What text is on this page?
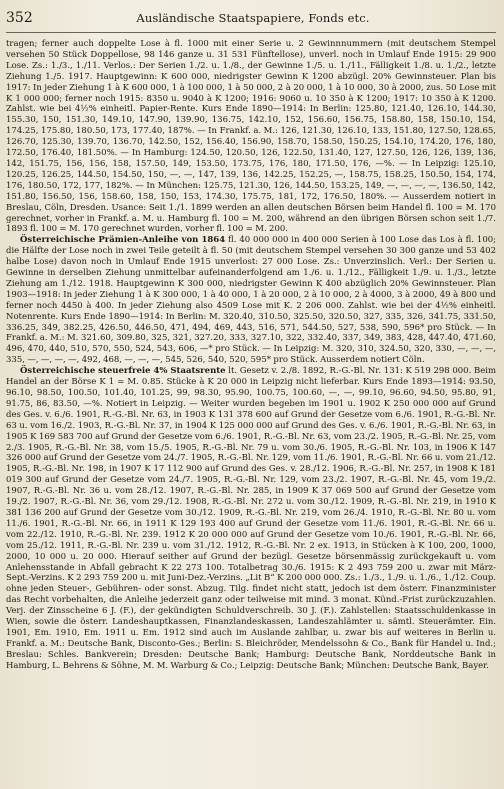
352	Ausländische Staatspapiere, Fonds etc.

tragen; ferner auch doppelte Lose à fl. 1000 mit einer Serie u. 2 Gewinnnummern (mit deutschem Stempel versehen 50 Stück Doppellose, 98 146 ganze u. 31 531 Fünftellose), unverl. noch in Umlauf Ende 1915: 29 900 Lose. Zs.: 1./3., 1./11. Verlos.: Der Serien 1./2. u. 1./8., der Gewinne 1./5. u. 1./11., Fälligkeit 1./8. u. 1./2., letzte Ziehung 1./5. 1917. Hauptgewinn: K 600 000, niedrigster Gewinn K 1200 abzügl. 20% Gewinnsteuer. Plan bis 1917: In jeder Ziehung 1 à K 600 000, 1 à 100 000, 1 à 50 000, 2 à 20 000, 1 à 10 000, 30 à 2000, zus. 50 Lose mit K 1 000 000; ferner noch 1915: 8350 u. 9040 à K 1200; 1916: 9060 u. 10 350 à K 1200; 1917: 10 350 à K 1200. Zahlst. wie bei 4½% einheitl. Papier-Rente. Kurs Ende 1890—1914: In Berlin: 125.80, 121.40, 126.10, 144.30, 155.30, 150, 151.30, 149.10, 147.90, 139.90, 136.75, 142.10, 152, 156.60, 156.75, 158.80, 158, 150.10, 154, 174.25, 175.80, 180.50, 173, 177.40, 187%. — In Frankf. a. M.: 126, 121.30, 126.10, 133, 151.80, 127.50, 128.65, 126.70, 125.30, 139.70, 136.70, 142.50, 152, 156.40, 156.90, 158.70, 158.50, 150.25, 154.10, 174.20, 176, 180, 172.50, 176.40, 181.50%. — In Hamburg: 124.50, 120.50, 126, 122.50, 131.40, 127, 127.50, 126, 126, 139, 136, 142, 151.75, 156, 156, 158, 157.50, 149, 153.50, 173.75, 176, 180, 171.50, 176, —%. — In Leipzig: 125.10, 120.25, 126.25, 144.50, 154.50, 150, —, —, 147, 139, 136, 142.25, 152.25, —, 158.75, 158.25, 150.50, 154, 174, 176, 180.50, 172, 177, 182%. — In München: 125.75, 121.30, 126, 144.50, 153.25, 149, —, —, —, —, 136.50, 142, 151.80, 156.50, 156, 158.60, 158, 150, 153, 174.30, 175.75, 181, 172, 176.50, 180%. — Ausserdem notiert in Breslau, Cöln, Dresden. Usance: Seit 1./1. 1899 werden an allen deutschen Börsen beim Handel fl. 100 = M. 170 gerechnet, vorher in Frankf. a. M. u. Hamburg fl. 100 = M. 200, während an den übrigen Börsen schon seit 1./7. 1893 fl. 100 = M. 170 gerechnet wurden, vorher fl. 100 = M. 200.

Österreichische Prämien-Anleihe von 1864 fl. 40 000 000 in 400 000 Serien à 100 Lose das Los à fl. 100; die Hälfte der Lose noch in zwei Teile geteilt à fl. 50 (mit deutschem Stempel versehen 30 300 ganze und 53 402 halbe Lose) davon noch in Umlauf Ende 1915 unverlost: 27 000 Lose. Zs.: Unverzinslich. Verl.: Der Serien u. Gewinne in derselben Ziehung unmittelbar aufeinanderfolgend am 1./6. u. 1./12., Fälligkeit 1./9. u. 1./3., letzte Ziehung am 1./12. 1918. Hauptgewinn K 300 000, niedrigster Gewinn K 400 abzüglich 20% Gewinnsteuer. Plan 1903—1918: In jeder Ziehung 1 à K 300 000, 1 à 40 000, 1 à 20 000, 2 à 10 000, 2 à 4000, 3 à 2000, 49 à 800 und ferner noch 4450 à 400. In jeder Ziehung also 4509 Lose mit K. 2 206 000. Zahlst. wie bei der 4½% einheitl. Notenrente. Kurs Ende 1890—1914: In Berlin: M. 320.40, 310.50, 325.50, 320.50, 327, 335, 326, 341.75, 331.50, 336.25, 349, 382.25, 426.50, 446.50, 471, 494, 469, 443, 516, 571, 544.50, 527, 538, 590, 596* pro Stück. — In Frankf. a. M.: M. 321.60, 309.80, 325, 321, 327.20, 333, 327.10, 322, 332.40, 337, 349, 383, 428, 447.40, 471.60, 496, 470, 440, 510, 570, 550, 524, 543, 606, —* pro Stück. — In Leipzig: M. 320, 310, 324.50, 320, 330, —, —, —, 335, —, —, —, —, 492, 468, —, —, —, 545, 526, 540, 520, 595* pro Stück. Ausserdem notiert Cöln.

Österreichische steuerfreie 4% Staatsrente lt. Gesetz v. 2./8. 1892, R.-G.-Bl. Nr. 131: K 519 298 000. Beim Handel an der Börse K 1 = M. 0.85. Stücke à K 20 000 in Leipzig nicht lieferbar. Kurs Ende 1893—1914: 93.50, 96.10, 98.50, 100.50, 101.40, 101.25, 99, 98.30, 95.90, 100.75, 100.60, —, —, 99.10, 96.60, 94.50, 95.80, 91, 91.75, 86, 83.50, —%. Notiert in Leipzig. — Weiter wurden begeben im 1901 u. 1902 K 250 000 000 auf Grund des Ges. v. 6./6. 1901, R.-G.-Bl. Nr. 63, in 1903 K 131 378 600 auf Grund der Gesetze vom 6./6. 1901, R.-G.-Bl. Nr. 63 u. vom 16./2. 1903, R.-G.-Bl. Nr. 37, in 1904 K 125 000 000 auf Grund des Ges. v. 6./6. 1901, R.-G.-Bl. Nr. 63, in 1905 K 169 583 700 auf Grund der Gesetze vom 6./6. 1901, R.-G.-Bl. Nr. 63, vom 23./2. 1905, R.-G.-Bl. Nr. 25, vom 2./3. 1905, R.-G.-Bl. Nr. 38, vom 15./5. 1905, R.-G.-Bl. Nr. 79 u. vom 30./6. 1905, R.-G.-Bl. Nr. 103, in 1906 K 147 326 000 auf Grund der Gesetze vom 24./7. 1905, R.-G.-Bl. Nr. 129, vom 11./6. 1901, R.-G.-Bl. Nr. 66 u. vom 21./12. 1905, R.-G.-Bl. Nr. 198, in 1907 K 17 112 900 auf Grund des Ges. v. 28./12. 1906, R.-G.-Bl. Nr. 257, in 1908 K 181 019 300 auf Grund der Gesetze vom 24./7. 1905, R.-G.-Bl. Nr. 129, vom 23./2. 1907, R.-G.-Bl. Nr. 45, vom 19./2. 1907, R.-G.-Bl. Nr. 36 u. vom 28./12. 1907, R.-G.-Bl. Nr. 285, in 1909 K 37 069 500 auf Grund der Gesetze vom 19./2. 1907, R.-G.-Bl. Nr. 36, vom 29./12. 1908, R.-G.-Bl. Nr. 272 u. vom 30./12. 1909, R.-G.-Bl. Nr. 219, in 1910 K 381 136 200 auf Grund der Gesetze vom 30./12. 1909, R.-G.-Bl. Nr. 219, vom 26./4. 1910, R.-G.-Bl. Nr. 80 u. vom 11./6. 1901, R.-G.-Bl. Nr. 66, in 1911 K 129 193 400 auf Grund der Gesetze vom 11./6. 1901, R.-G.-Bl. Nr. 66 u. vom 22./12. 1910, R.-G.-Bl. Nr. 239. 1912 K 20 000 000 auf Grund der Gesetze vom 10./6. 1901, R.-G.-Bl. Nr. 66, vom 25./12. 1911, R.-G.-Bl. Nr. 239 u. vom 31./12. 1912, R.-G.-Bl. Nr. 2 ex. 1913, in Stücken à K 100, 200, 1000, 2000, 10 000 u. 20 000. Hierauf seither auf Grund der bezügl. Gesetze börsenmässig zurückgekauft u. vom Anlehensstande in Abfall gebracht K 22 273 100. Totalbetrag 30./6. 1915: K 2 493 759 200 u. zwar mit März-Sept.-Verzins. K 2 293 759 200 u. mit Juni-Dez.-Verzins. „Lit B“ K 200 000 000. Zs.: 1./3., 1./9. u. 1./6., 1./12. Coup. ohne jeden Steuer-, Gebühren- oder sonst. Abzug. Tilg. findet nicht statt, jedoch ist dem österr. Finanzminister das Recht vorbehalten, die Anleihe jederzeit ganz oder teilweise mit mind. 3 monat. Künd.-Frist zurückzuzahlen. Verj. der Zinsscheine 6 J. (F.), der gekündigten Schuldverschreib. 30 J. (F.). Zahlstellen: Staatsschuldenkasse in Wien, sowie die österr. Landeshauptkassen, Finanzlandeskassen, Landeszahlämter u. sämtl. Steuerämter. Ein. 1901, Em. 1910, Em. 1911 u. Em. 1912 sind auch im Auslande zahlbar, u. zwar bis auf weiteres in Berlin u. Frankf. a. M.: Deutsche Bank, Disconto-Ges.; Berlin: S. Bleichröder, Mendelssohn & Co., Bank für Handel u. Ind.; Breslau: Schles. Bankverein; Dresden: Deutsche Bank; Hamburg: Deutsche Bank, Norddeutsche Bank in Hamburg, L. Behrens & Söhne, M. M. Warburg & Co.; Leipzig: Deutsche Bank; München: Deutsche Bank, Bayer.
